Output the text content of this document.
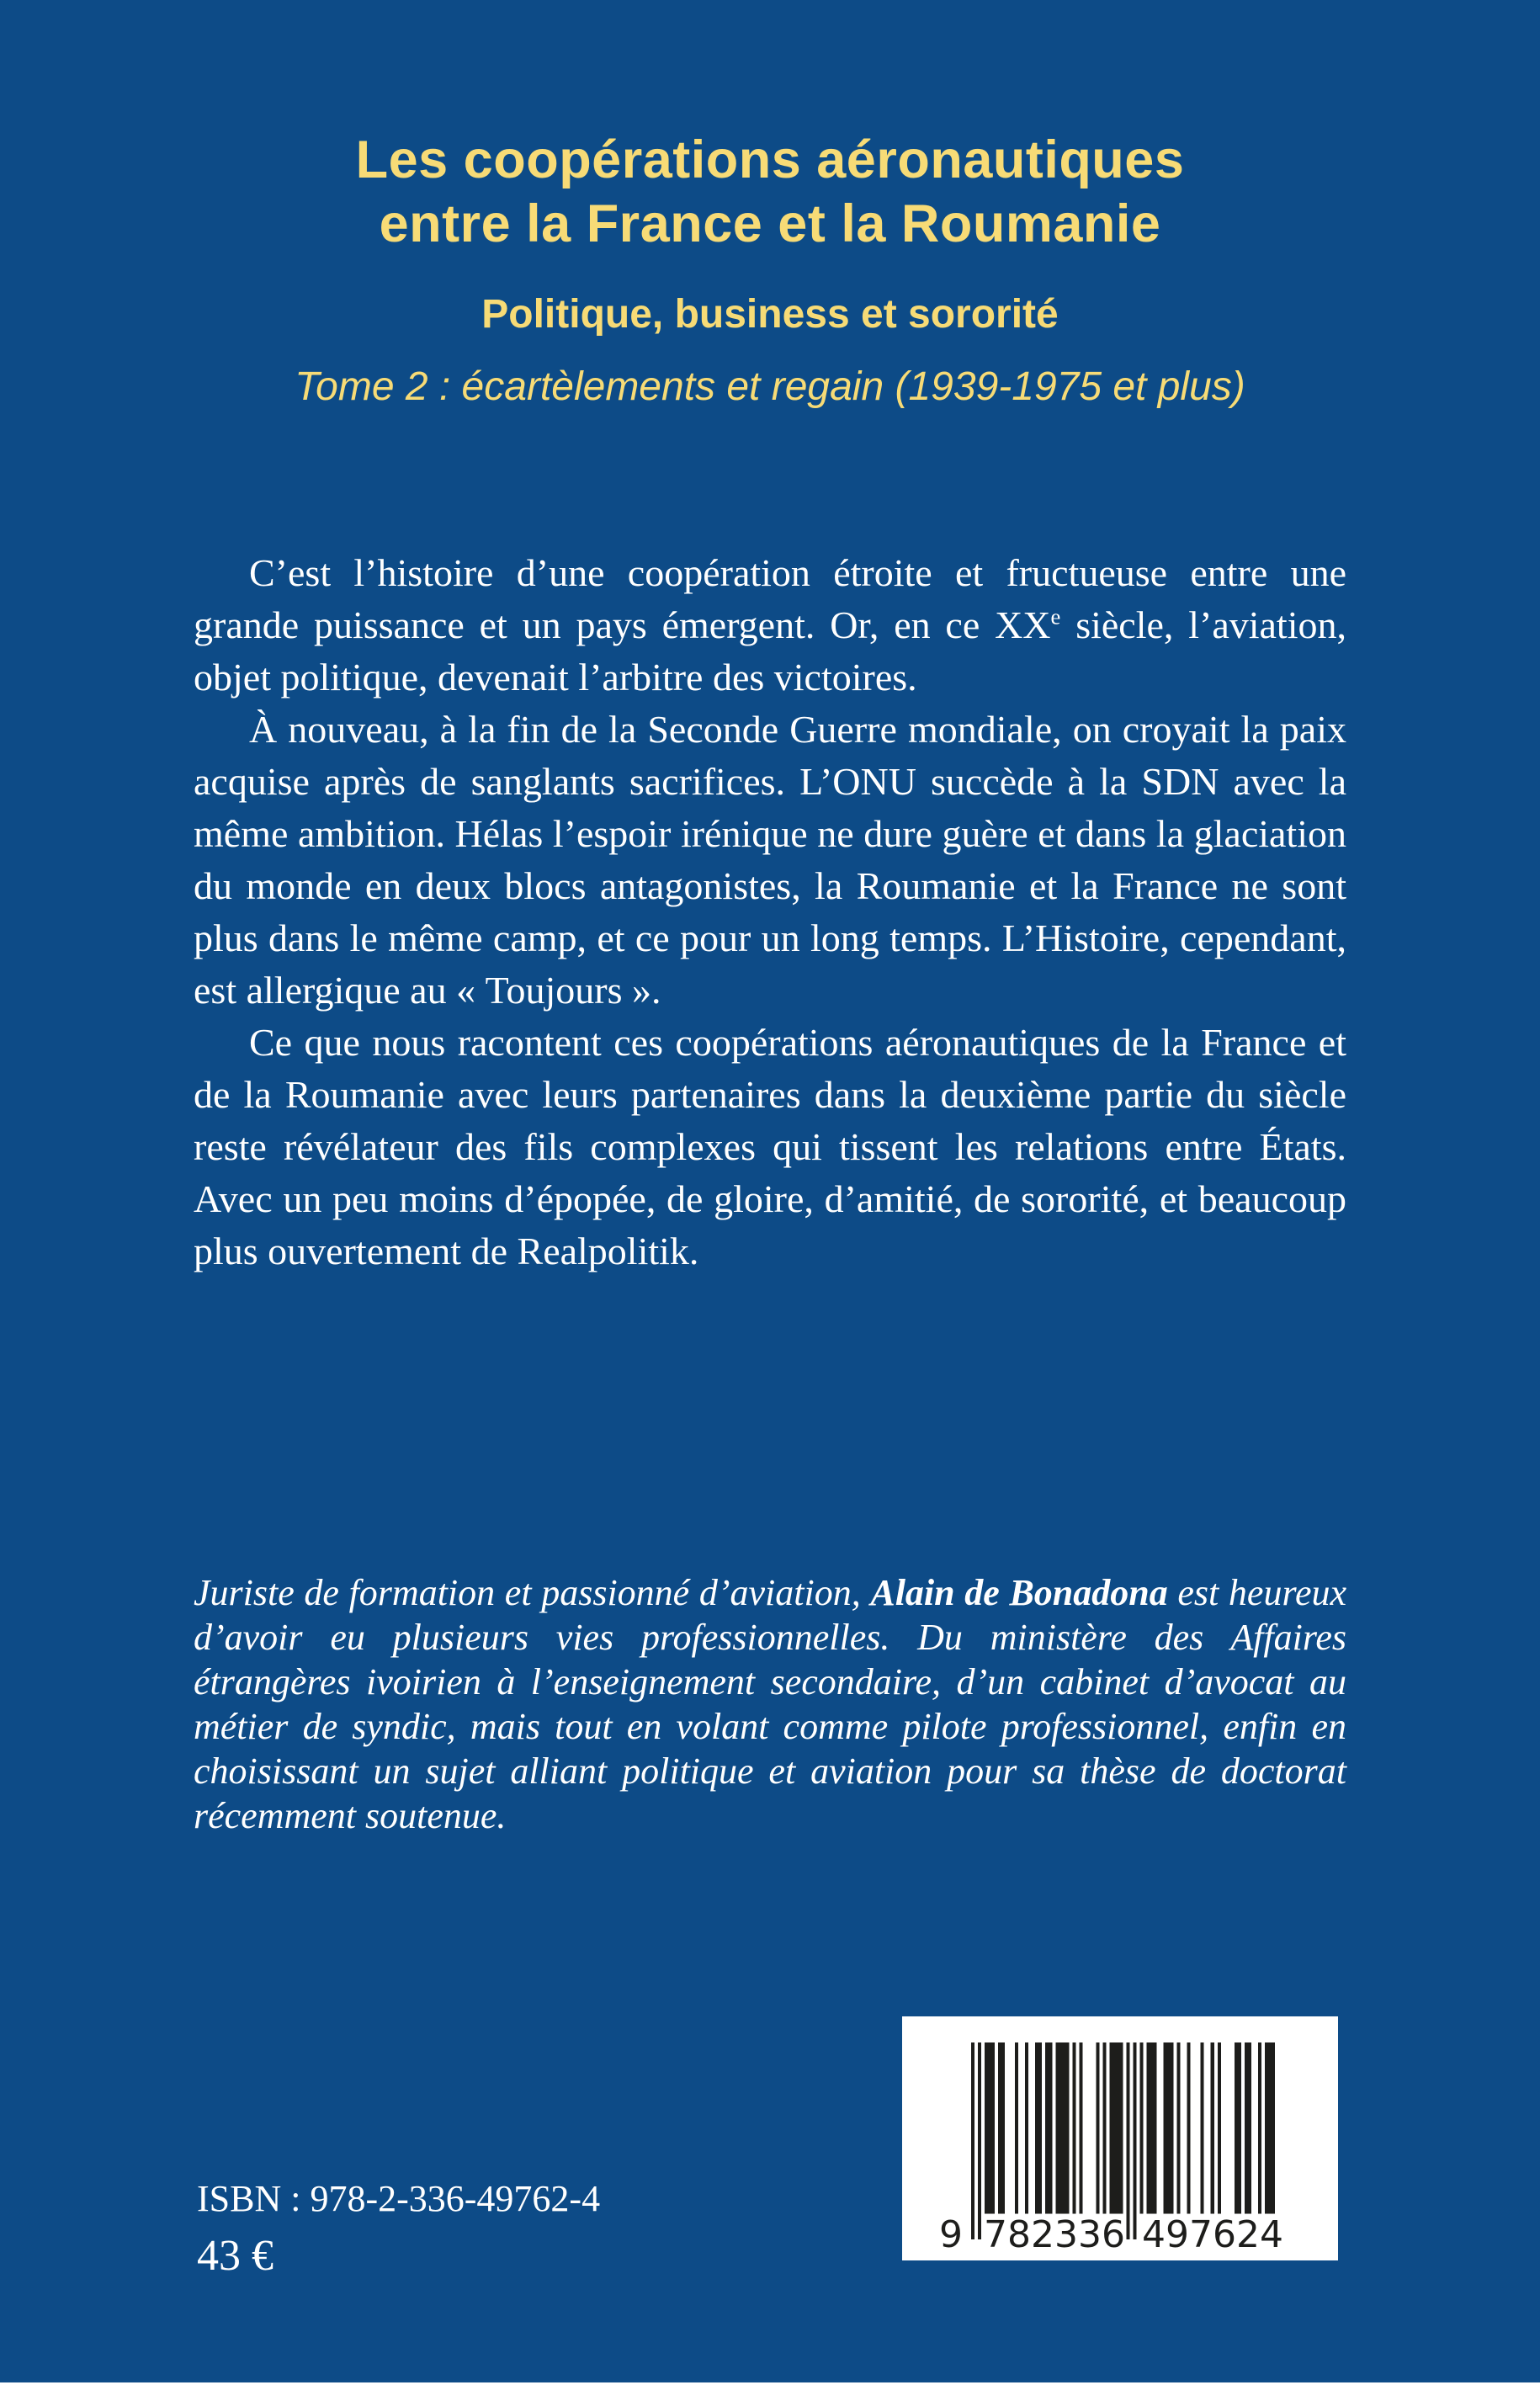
Les coopérations aéronautiques
entre la France et la Roumanie
Politique, business et sororité
Tome 2 : écartèlements et regain (1939-1975 et plus)

C’est l’histoire d’une coopération étroite et fructueuse entre une grande puissance et un pays émergent. Or, en ce XXe siècle, l’aviation, objet politique, devenait l’arbitre des victoires.

À nouveau, à la fin de la Seconde Guerre mondiale, on croyait la paix acquise après de sanglants sacrifices. L’ONU succède à la SDN avec la même ambition. Hélas l’espoir irénique ne dure guère et dans la glaciation du monde en deux blocs antagonistes, la Roumanie et la France ne sont plus dans le même camp, et ce pour un long temps. L’Histoire, cependant, est allergique au « Toujours ».

Ce que nous racontent ces coopérations aéronautiques de la France et de la Roumanie avec leurs partenaires dans la deuxième partie du siècle reste révélateur des fils complexes qui tissent les relations entre États. Avec un peu moins d’épopée, de gloire, d’amitié, de sororité, et beaucoup plus ouvertement de Realpolitik.

Juriste de formation et passionné d’aviation, Alain de Bonadona est heureux d’avoir eu plusieurs vies professionnelles. Du ministère des Affaires étrangères ivoirien à l’enseignement secondaire, d’un cabinet d’avocat au métier de syndic, mais tout en volant comme pilote professionnel, enfin en choisissant un sujet alliant politique et aviation pour sa thèse de doctorat récemment soutenue.
ISBN : 978-2-336-49762-4
43 €	9 782336 497624
